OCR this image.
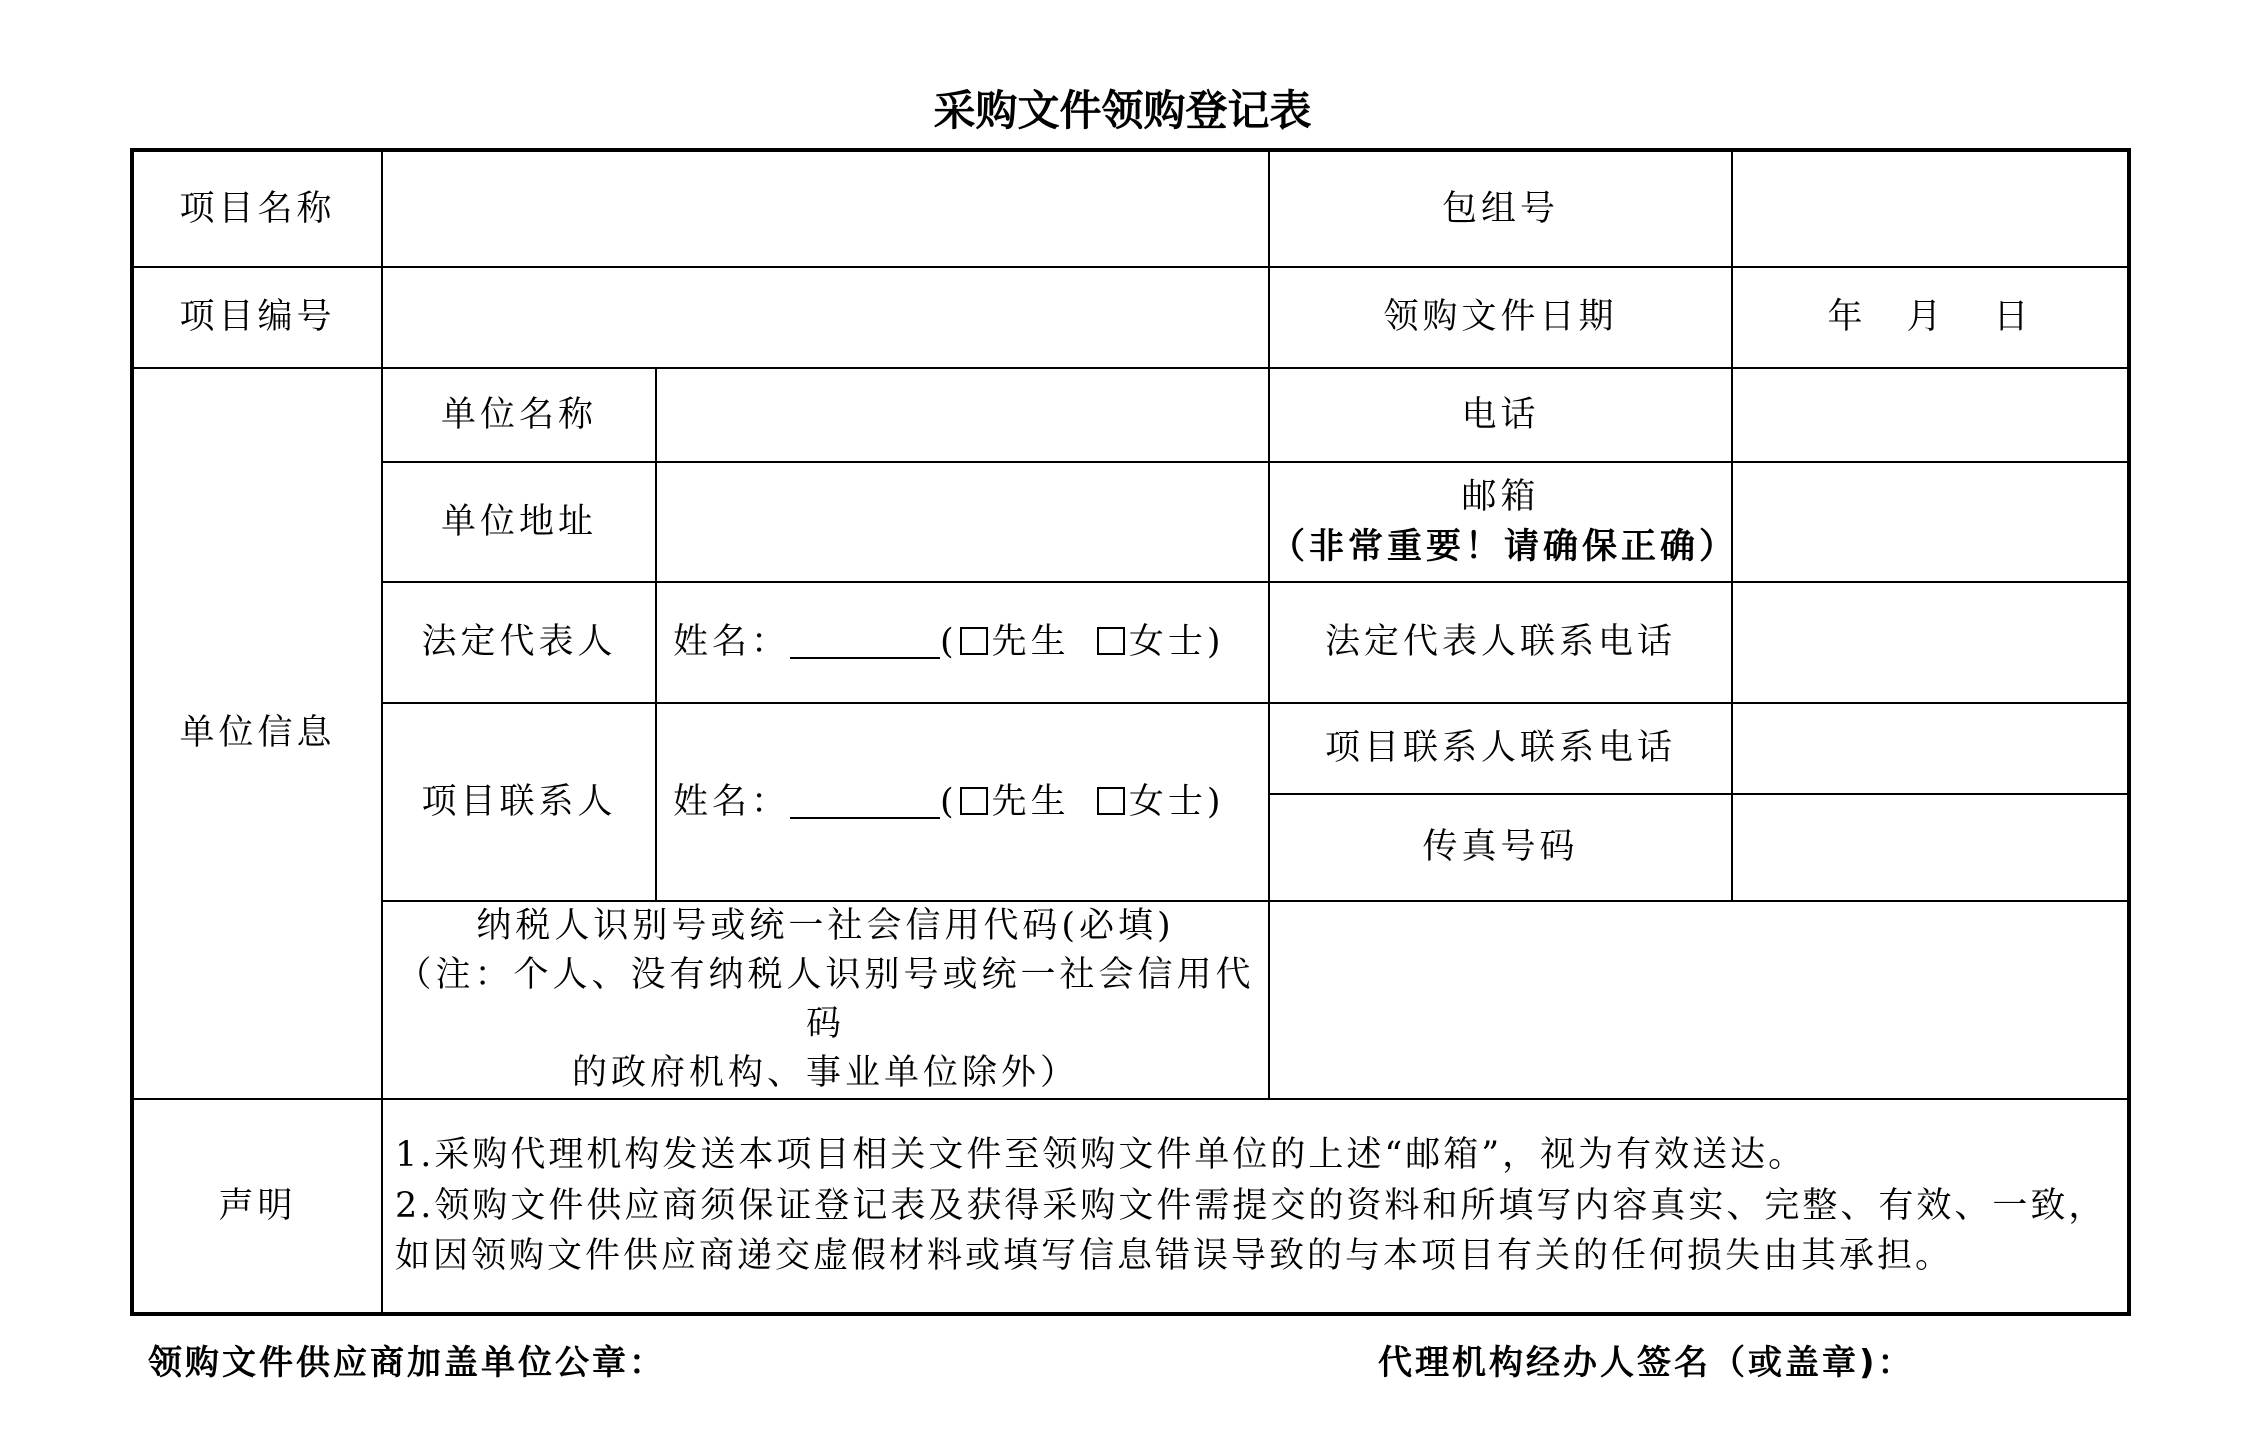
采购文件领购登记表
项目名称			包组号	
项目编号			领购文件日期	年 月 日
单位信息	单位名称		电话	
	单位地址		邮箱
（非常重要！请确保正确）	

	法定代表人	姓名： ( 先生 女士)	法定代表人联系电话	
	项目联系人	姓名： ( 先生 女士)	项目联系人联系电话	
			传真号码	

	纳税人识别号或统一社会信用代码(必填)
（注：个人、没有纳税人识别号或统一社会信用代码
的政府机构、事业单位除外）			

声明	1.采购代理机构发送本项目相关文件至领购文件单位的上述“邮箱”，视为有效送达。
2.领购文件供应商须保证登记表及获得采购文件需提交的资料和所填写内容真实、完整、有效、一致，如因领购文件供应商递交虚假材料或填写信息错误导致的与本项目有关的任何损失由其承担。			
领购文件供应商加盖单位公章：	代理机构经办人签名（或盖章)：
